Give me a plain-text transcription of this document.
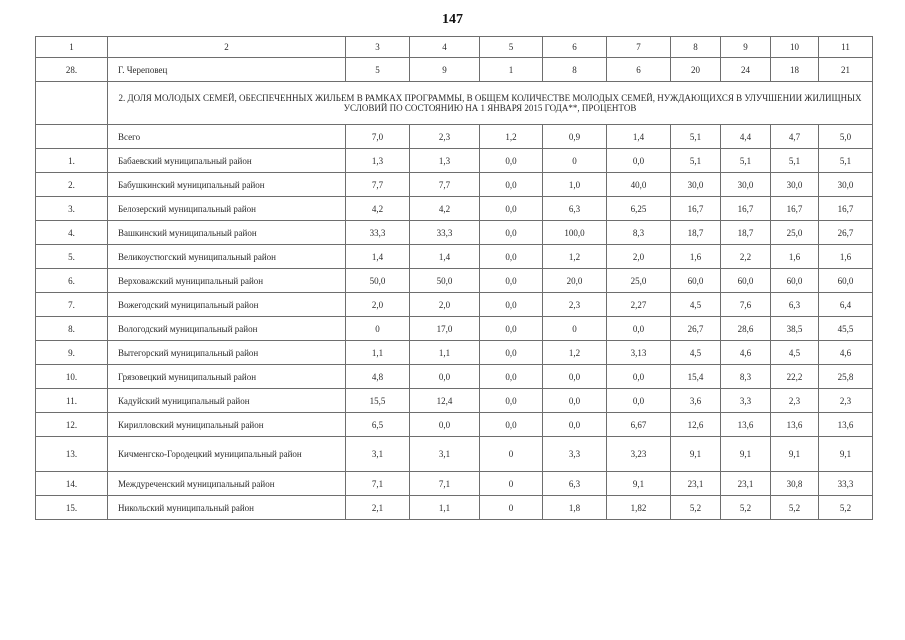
147
1	2	3	4	5	6	7	8	9	10	11
28.	Г. Череповец	5	9	1	8	6	20	24	18	21
	2. ДОЛЯ МОЛОДЫХ СЕМЕЙ, ОБЕСПЕЧЕННЫХ ЖИЛЬЕМ В РАМКАХ ПРОГРАММЫ, В ОБЩЕМ КОЛИЧЕСТВЕ МОЛОДЫХ СЕМЕЙ, НУЖДАЮЩИХСЯ В УЛУЧШЕНИИ ЖИЛИЩНЫХ УСЛОВИЙ ПО СОСТОЯНИЮ НА 1 ЯНВАРЯ 2015 ГОДА**, ПРОЦЕНТОВ									
	Всего	7,0	2,3	1,2	0,9	1,4	5,1	4,4	4,7	5,0
1.	Бабаевский муниципальный район	1,3	1,3	0,0	0	0,0	5,1	5,1	5,1	5,1
2.	Бабушкинский муниципальный район	7,7	7,7	0,0	1,0	40,0	30,0	30,0	30,0	30,0
3.	Белозерский муниципальный район	4,2	4,2	0,0	6,3	6,25	16,7	16,7	16,7	16,7
4.	Вашкинский муниципальный район	33,3	33,3	0,0	100,0	8,3	18,7	18,7	25,0	26,7
5.	Великоустюгский муниципальный район	1,4	1,4	0,0	1,2	2,0	1,6	2,2	1,6	1,6
6.	Верховажский муниципальный район	50,0	50,0	0,0	20,0	25,0	60,0	60,0	60,0	60,0
7.	Вожегодский муниципальный район	2,0	2,0	0,0	2,3	2,27	4,5	7,6	6,3	6,4
8.	Вологодский муниципальный район	0	17,0	0,0	0	0,0	26,7	28,6	38,5	45,5
9.	Вытегорский муниципальный район	1,1	1,1	0,0	1,2	3,13	4,5	4,6	4,5	4,6
10.	Грязовецкий муниципальный район	4,8	0,0	0,0	0,0	0,0	15,4	8,3	22,2	25,8
11.	Кадуйский муниципальный район	15,5	12,4	0,0	0,0	0,0	3,6	3,3	2,3	2,3
12.	Кирилловский муниципальный район	6,5	0,0	0,0	0,0	6,67	12,6	13,6	13,6	13,6
13.	Кичменгско-Городецкий муниципальный район	3,1	3,1	0	3,3	3,23	9,1	9,1	9,1	9,1
14.	Междуреченский муниципальный район	7,1	7,1	0	6,3	9,1	23,1	23,1	30,8	33,3
15.	Никольский муниципальный район	2,1	1,1	0	1,8	1,82	5,2	5,2	5,2	5,2
